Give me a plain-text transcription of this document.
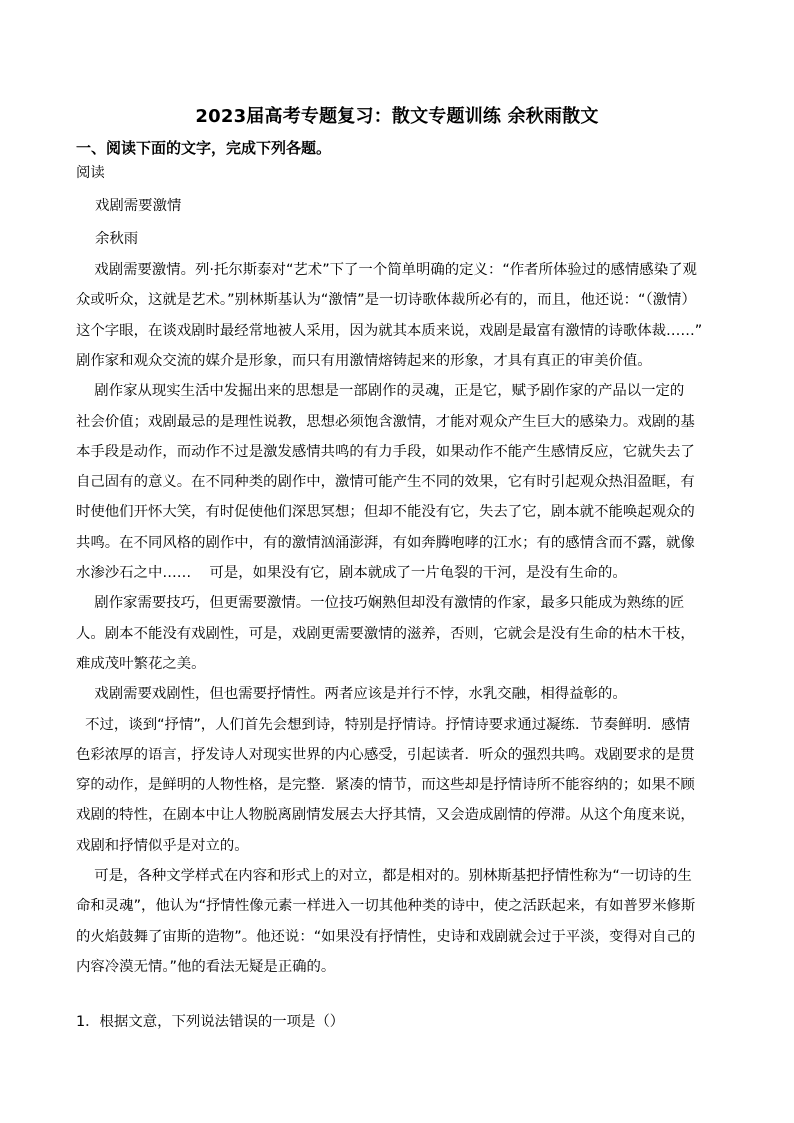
2023届高考专题复习：散文专题训练 余秋雨散文
一、阅读下面的文字，完成下列各题。
阅读
戏剧需要激情
余秋雨
戏剧需要激情。列·托尔斯泰对“艺术”下了一个简单明确的定义：“作者所体验过的感情感染了观
众或听众，这就是艺术。”别林斯基认为“激情”是一切诗歌体裁所必有的，而且，他还说：“（激情）
这个字眼，在谈戏剧时最经常地被人采用，因为就其本质来说，戏剧是最富有激情的诗歌体裁……”
剧作家和观众交流的媒介是形象，而只有用激情熔铸起来的形象，才具有真正的审美价值。
剧作家从现实生活中发掘出来的思想是一部剧作的灵魂，正是它，赋予剧作家的产品以一定的
社会价值；戏剧最忌的是理性说教，思想必须饱含激情，才能对观众产生巨大的感染力。戏剧的基
本手段是动作，而动作不过是激发感情共鸣的有力手段，如果动作不能产生感情反应，它就失去了
自己固有的意义。在不同种类的剧作中，激情可能产生不同的效果，它有时引起观众热泪盈眶，有
时使他们开怀大笑，有时促使他们深思冥想；但却不能没有它，失去了它，剧本就不能唤起观众的
共鸣。在不同风格的剧作中，有的激情汹涌澎湃，有如奔腾咆哮的江水；有的感情含而不露，就像
水渗沙石之中……    可是，如果没有它，剧本就成了一片龟裂的干河，是没有生命的。
剧作家需要技巧，但更需要激情。一位技巧娴熟但却没有激情的作家，最多只能成为熟练的匠
人。剧本不能没有戏剧性，可是，戏剧更需要激情的滋养，否则，它就会是没有生命的枯木干枝，
难成茂叶繁花之美。
戏剧需要戏剧性，但也需要抒情性。两者应该是并行不悖，水乳交融，相得益彰的。
不过，谈到“抒情”，人们首先会想到诗，特别是抒情诗。抒情诗要求通过凝练．节奏鲜明．感情
色彩浓厚的语言，抒发诗人对现实世界的内心感受，引起读者．听众的强烈共鸣。戏剧要求的是贯
穿的动作，是鲜明的人物性格，是完整．紧凑的情节，而这些却是抒情诗所不能容纳的；如果不顾
戏剧的特性，在剧本中让人物脱离剧情发展去大抒其情，又会造成剧情的停滞。从这个角度来说，
戏剧和抒情似乎是对立的。
可是，各种文学样式在内容和形式上的对立，都是相对的。别林斯基把抒情性称为“一切诗的生
命和灵魂”，他认为“抒情性像元素一样进入一切其他种类的诗中，使之活跃起来，有如普罗米修斯
的火焰鼓舞了宙斯的造物”。他还说：“如果没有抒情性，史诗和戏剧就会过于平淡，变得对自己的
内容冷漠无情。”他的看法无疑是正确的。
1．根据文意，下列说法错误的一项是（）
